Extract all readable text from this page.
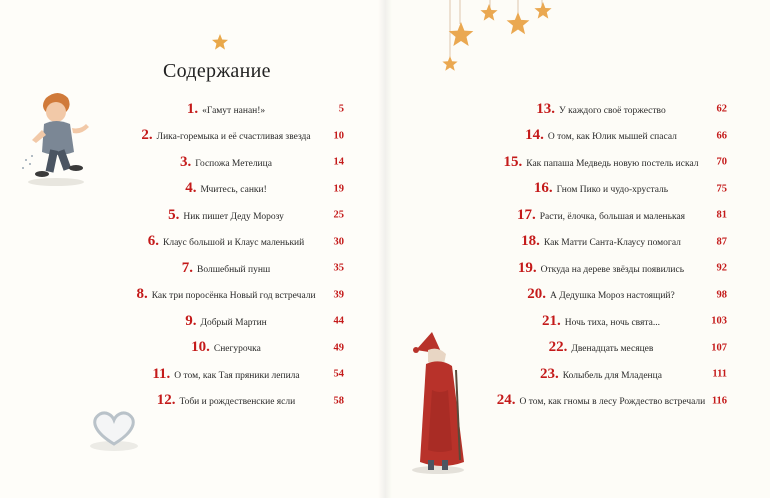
Содержание
1. «Гамут нанан!»	5
2. Лика-горемыка и её счастливая звезда 10
3. Госпожа Метелица	14
4. Мчитесь, санки!	19
5. Ник пишет Деду Морозу	25
6. Клаус большой и Клаус маленький	30
7. Волшебный пунш	35
8. Как три поросёнка Новый год встречали 39
9. Добрый Мартин	44
10. Снегурочка	49
11. О том, как Тая пряники лепила	54
12. Тоби и рождественские ясли	58
13. У каждого своё торжество	62
14. О том, как Юлик мышей спасал	66
15. Как папаша Медведь новую постель искал 70
16. Гном Пико и чудо-хрусталь	75
17. Расти, ёлочка, большая и маленькая	81
18. Как Матти Санта-Клаусу помогал	87
19. Откуда на дереве звёзды появились	92
20. А Дедушка Мороз настоящий?	98
21. Ночь тиха, ночь свята...	103
22. Двенадцать месяцев	107
23. Колыбель для Младенца	111
24. О том, как гномы в лесу Рождество встречали 116
